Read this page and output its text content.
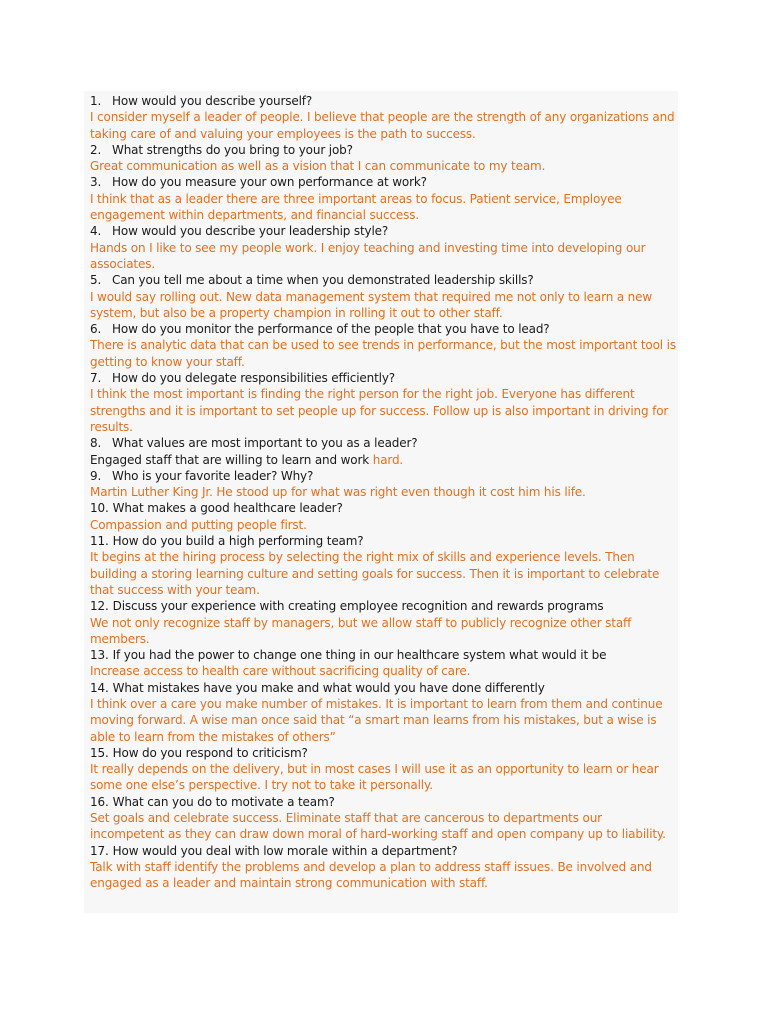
1. How would you describe yourself?
I consider myself a leader of people. I believe that people are the strength of any organizations and taking care of and valuing your employees is the path to success.
2. What strengths do you bring to your job?
Great communication as well as a vision that I can communicate to my team.
3. How do you measure your own performance at work?
I think that as a leader there are three important areas to focus. Patient service, Employee engagement within departments, and financial success.
4. How would you describe your leadership style?
Hands on I like to see my people work. I enjoy teaching and investing time into developing our associates.
5. Can you tell me about a time when you demonstrated leadership skills?
I would say rolling out. New data management system that required me not only to learn a new system, but also be a property champion in rolling it out to other staff.
6. How do you monitor the performance of the people that you have to lead?
There is analytic data that can be used to see trends in performance, but the most important tool is getting to know your staff.
7. How do you delegate responsibilities efficiently?
I think the most important is finding the right person for the right job. Everyone has different strengths and it is important to set people up for success. Follow up is also important in driving for results.
8. What values are most important to you as a leader?
Engaged staff that are willing to learn and work hard.
9. Who is your favorite leader? Why?
Martin Luther King Jr. He stood up for what was right even though it cost him his life.
10. What makes a good healthcare leader?
Compassion and putting people first.
11. How do you build a high performing team?
It begins at the hiring process by selecting the right mix of skills and experience levels. Then building a storing learning culture and setting goals for success. Then it is important to celebrate that success with your team.
12. Discuss your experience with creating employee recognition and rewards programs
We not only recognize staff by managers, but we allow staff to publicly recognize other staff members.
13. If you had the power to change one thing in our healthcare system what would it be
Increase access to health care without sacrificing quality of care.
14. What mistakes have you make and what would you have done differently
I think over a care you make number of mistakes. It is important to learn from them and continue moving forward. A wise man once said that “a smart man learns from his mistakes, but a wise is able to learn from the mistakes of others”
15. How do you respond to criticism?
It really depends on the delivery, but in most cases I will use it as an opportunity to learn or hear some one else’s perspective. I try not to take it personally.
16. What can you do to motivate a team?
Set goals and celebrate success. Eliminate staff that are cancerous to departments our incompetent as they can draw down moral of hard-working staff and open company up to liability.
17. How would you deal with low morale within a department?
Talk with staff identify the problems and develop a plan to address staff issues. Be involved and engaged as a leader and maintain strong communication with staff.
